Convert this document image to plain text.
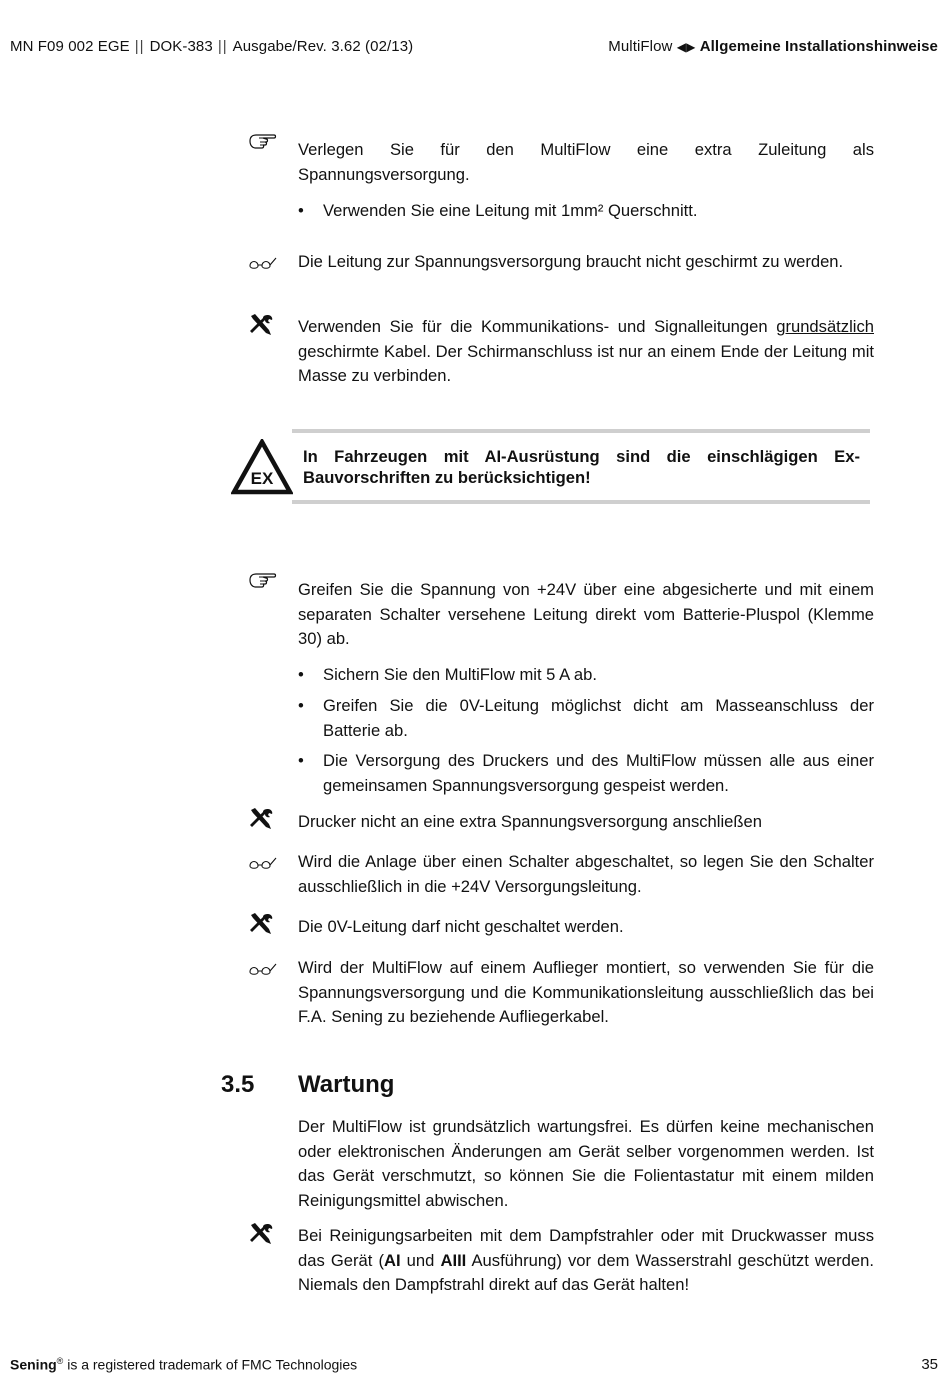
MN F09 002 EGE || DOK-383 || Ausgabe/Rev. 3.62 (02/13)	MultiFlow ◀▶ Allgemeine Installationshinweise
Verlegen Sie für den MultiFlow eine extra Zuleitung als Spannungsversorgung.
•	Verwenden Sie eine Leitung mit 1mm² Querschnitt.
Die Leitung zur Spannungsversorgung braucht nicht geschirmt zu werden.
Verwenden Sie für die Kommunikations- und Signalleitungen grundsätzlich geschirmte Kabel. Der Schirmanschluss ist nur an einem Ende der Leitung mit Masse zu verbinden.
EX
In Fahrzeugen mit AI-Ausrüstung sind die einschlägigen Ex-Bauvorschriften zu berücksichtigen!
Greifen Sie die Spannung von +24V über eine abgesicherte und mit einem separaten Schalter versehene Leitung direkt vom Batterie-Pluspol (Klemme 30) ab.
•	Sichern Sie den MultiFlow mit 5 A ab.
•	Greifen Sie die 0V-Leitung möglichst dicht am Masseanschluss der Batterie ab.
•	Die Versorgung des Druckers und des MultiFlow müssen alle aus einer gemeinsamen Spannungsversorgung gespeist werden.
Drucker nicht an eine extra Spannungsversorgung anschließen
Wird die Anlage über einen Schalter abgeschaltet, so legen Sie den Schalter ausschließlich in die +24V Versorgungsleitung.
Die 0V-Leitung darf nicht geschaltet werden.
Wird der MultiFlow auf einem Auflieger montiert, so verwenden Sie für die Spannungsversorgung und die Kommunikationsleitung ausschließlich das bei F.A. Sening zu beziehende Aufliegerkabel.
3.5 Wartung
Der MultiFlow ist grundsätzlich wartungsfrei. Es dürfen keine mechanischen oder elektronischen Änderungen am Gerät selber vorgenommen werden. Ist das Gerät verschmutzt, so können Sie die Folientastatur mit einem milden Reinigungsmittel abwischen.
Bei Reinigungsarbeiten mit dem Dampfstrahler oder mit Druckwasser muss das Gerät (AI und AIII Ausführung) vor dem Wasserstrahl geschützt werden. Niemals den Dampfstrahl direkt auf das Gerät halten!
Sening® is a registered trademark of FMC Technologies	35
